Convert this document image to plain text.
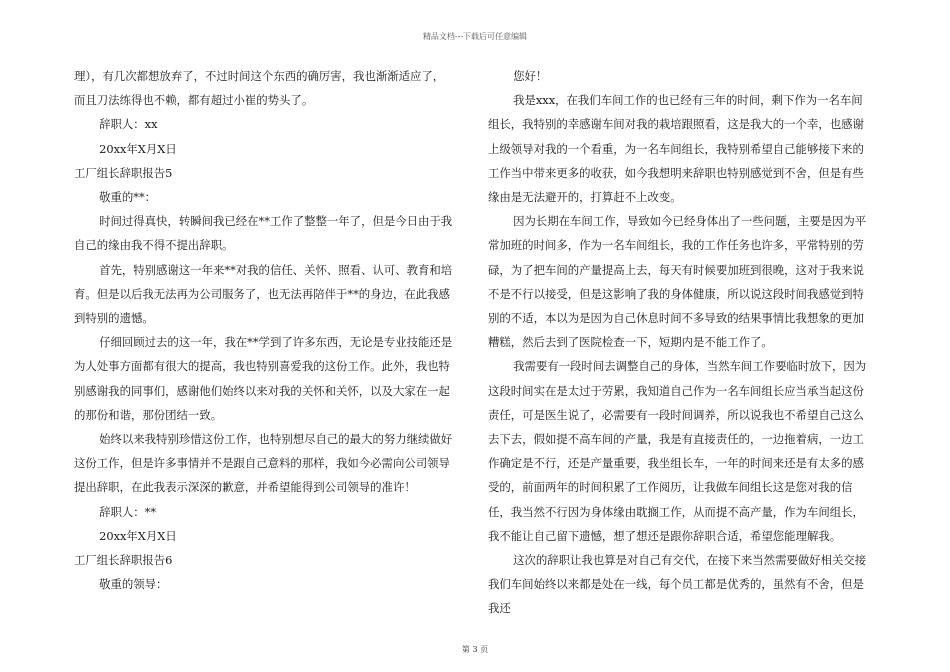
精品文档---下载后可任意编辑

理），有几次都想放弃了，不过时间这个东西的确厉害，我也渐渐适应了，而且刀法练得也不赖，都有超过小崔的势头了。

辞职人：xx

20xx年X月X日

工厂组长辞职报告5

敬重的**：

时间过得真快，转瞬间我已经在**工作了整整一年了，但是今日由于我自己的缘由我不得不提出辞职。

首先，特别感谢这一年来**对我的信任、关怀、照看、认可、教育和培育。但是以后我无法再为公司服务了，也无法再陪伴于**的身边，在此我感到特别的遗憾。

仔细回顾过去的这一年，我在**学到了许多东西，无论是专业技能还是为人处事方面都有很大的提高，我也特别喜爱我的这份工作。此外，我也特别感谢我的同事们，感谢他们始终以来对我的关怀和关怀，以及大家在一起的那份和谐，那份团结一致。

始终以来我特别珍惜这份工作，也特别想尽自己的最大的努力继续做好这份工作，但是许多事情并不是跟自己意料的那样，我如今必需向公司领导提出辞职，在此我表示深深的歉意，并希望能得到公司领导的准许！

辞职人：**

20xx年X月X日

工厂组长辞职报告6

敬重的领导：

您好！

我是xxx，在我们车间工作的也已经有三年的时间，剩下作为一名车间组长，我特别的幸感谢车间对我的栽培跟照看，这是我大的一个幸，也感谢上级领导对我的一个看重，为一名车间组长，我特别希望自己能够接下来的工作当中带来更多的收获，如今我想明来辞职也特别感觉到不舍，但是有些缘由是无法避开的，打算赶不上改变。

因为长期在车间工作，导致如今已经身体出了一些问题，主要是因为平常加班的时间多，作为一名车间组长，我的工作任务也许多，平常特别的劳碌，为了把车间的产量提高上去，每天有时候要加班到很晚，这对于我来说不是不行以接受，但是这影响了我的身体健康，所以说这段时间我感觉到特别的不适，本以为是因为自己休息时间不多导致的结果事情比我想象的更加糟糕，然后去到了医院检查一下，短期内是不能工作了。

我需要有一段时间去调整自己的身体，当然车间工作要临时放下，因为这段时间实在是太过于劳累，我知道自己作为一名车间组长应当承当起这份责任，可是医生说了，必需要有一段时间调养，所以说我也不希望自己这么去下去，假如提不高车间的产量，我是有直接责任的，一边拖着病，一边工作确定是不行，还是产量重要，我坐组长车，一年的时间来还是有太多的感受的，前面两年的时间积累了工作阅历，让我做车间组长这是您对我的信任，我当然不行因为身体缘由耽搁工作，从而提不高产量，作为车间组长，我不能让自己留下遗憾，想了想还是跟你辞职合适，希望您能理解我。

这次的辞职让我也算是对自己有交代，在接下来当然需要做好相关交接我们车间始终以来都是处在一线，每个员工都是优秀的，虽然有不舍，但是我还

第 3 页
